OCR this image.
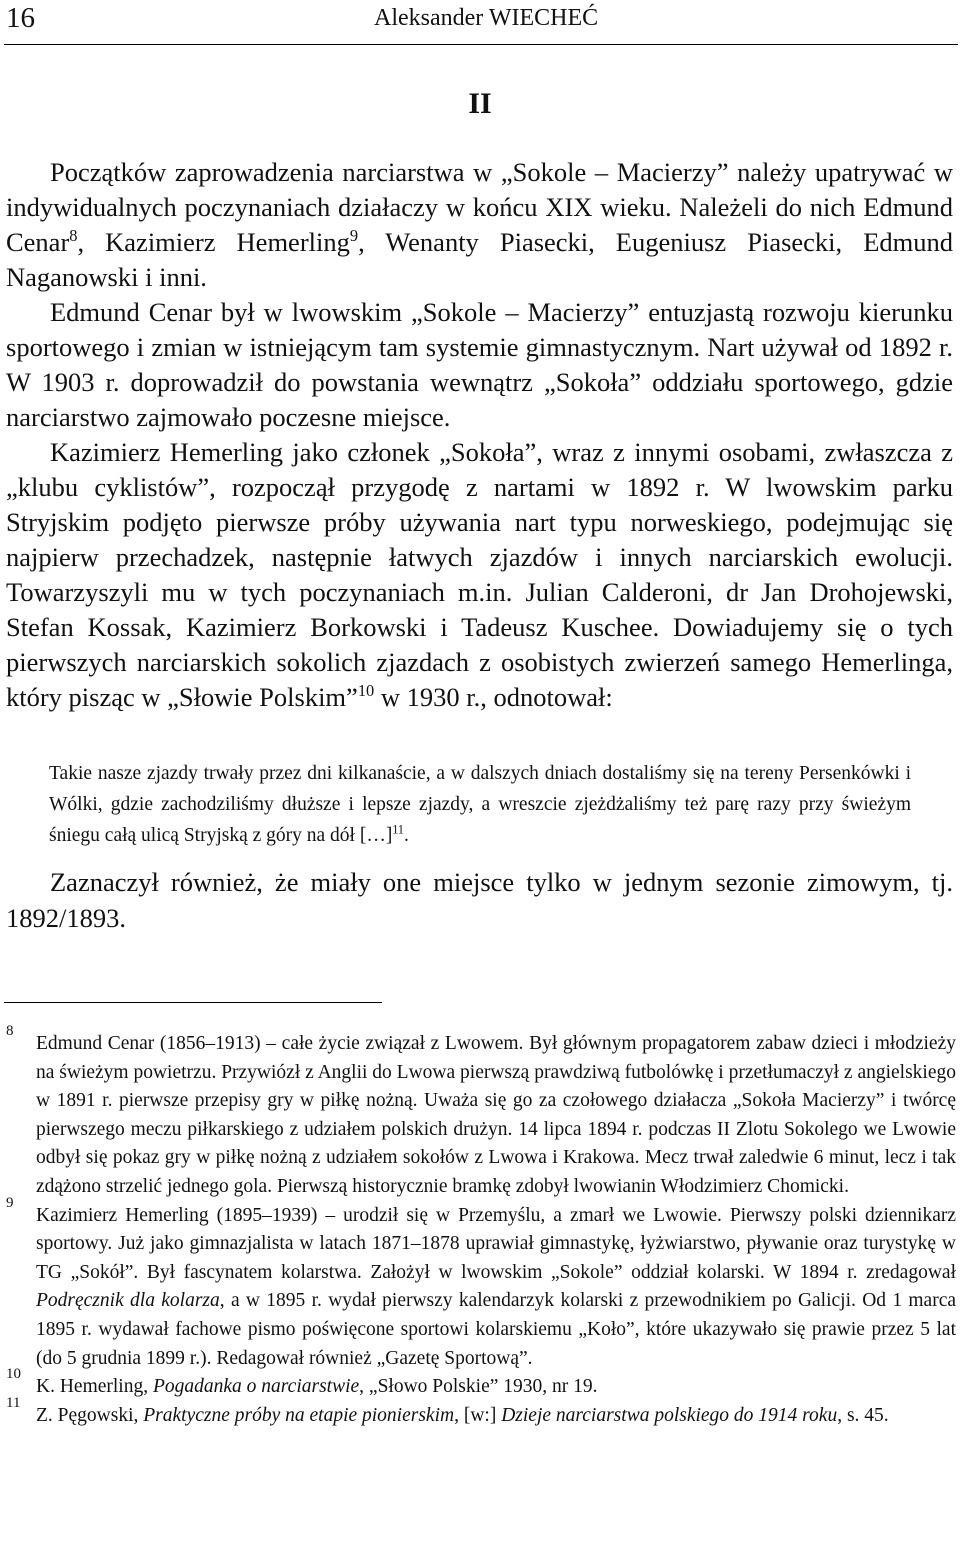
16	Aleksander WIECHEĆ
II

Początków zaprowadzenia narciarstwa w „Sokole – Macierzy” należy upatrywać w indywidualnych poczynaniach działaczy w końcu XIX wieku. Należeli do nich Edmund Cenar$^8$, Kazimierz Hemerling$^9$, Wenanty Piasecki, Eugeniusz Piasecki, Edmund Naganowski i inni.

Edmund Cenar był w lwowskim „Sokole – Macierzy” entuzjastą rozwoju kierunku sportowego i zmian w istniejącym tam systemie gimnastycznym. Nart używał od 1892 r. W 1903 r. doprowadził do powstania wewnątrz „Sokoła” oddziału sportowego, gdzie narciarstwo zajmowało poczesne miejsce.

Kazimierz Hemerling jako członek „Sokoła”, wraz z innymi osobami, zwłaszcza z „klubu cyklistów”, rozpoczął przygodę z nartami w 1892 r. W lwowskim parku Stryjskim podjęto pierwsze próby używania nart typu norweskiego, podejmując się najpierw przechadzek, następnie łatwych zjazdów i innych narciarskich ewolucji. Towarzyszyli mu w tych poczynaniach m.in. Julian Calderoni, dr Jan Drohojewski, Stefan Kossak, Kazimierz Borkowski i Tadeusz Kuschee. Dowiadujemy się o tych pierwszych narciarskich sokolich zjazdach z osobistych zwierzeń samego Hemerlinga, który pisząc w „Słowie Polskim”$^{10}$ w 1930 r., odnotował:

Takie nasze zjazdy trwały przez dni kilkanaście, a w dalszych dniach dostaliśmy się na tereny Persenkówki i Wólki, gdzie zachodziliśmy dłuższe i lepsze zjazdy, a wreszcie zjeżdżaliśmy też parę razy przy świeżym śniegu całą ulicą Stryjską z góry na dół […]$^{11}$.

Zaznaczył również, że miały one miejsce tylko w jednym sezonie zimowym, tj. 1892/1893.

8
Edmund Cenar (1856–1913) – całe życie związał z Lwowem. Był głównym propagatorem zabaw dzieci i młodzieży na świeżym powietrzu. Przywiózł z Anglii do Lwowa pierwszą prawdziwą futbolówkę i przetłumaczył z angielskiego w 1891 r. pierwsze przepisy gry w piłkę nożną. Uważa się go za czołowego działacza „Sokoła Macierzy” i twórcę pierwszego meczu piłkarskiego z udziałem polskich drużyn. 14 lipca 1894 r. podczas II Zlotu Sokolego we Lwowie odbył się pokaz gry w piłkę nożną z udziałem sokołów z Lwowa i Krakowa. Mecz trwał zaledwie 6 minut, lecz i tak zdążono strzelić jednego gola. Pierwszą historycznie bramkę zdobył lwowianin Włodzimierz Chomicki.

9
Kazimierz Hemerling (1895–1939) – urodził się w Przemyślu, a zmarł we Lwowie. Pierwszy polski dziennikarz sportowy. Już jako gimnazjalista w latach 1871–1878 uprawiał gimnastykę, łyżwiarstwo, pływanie oraz turystykę w TG „Sokół”. Był fascynatem kolarstwa. Założył w lwowskim „Sokole” oddział kolarski. W 1894 r. zredagował Podręcznik dla kolarza, a w 1895 r. wydał pierwszy kalendarzyk kolarski z przewodnikiem po Galicji. Od 1 marca 1895 r. wydawał fachowe pismo poświęcone sportowi kolarskiemu „Koło”, które ukazywało się prawie przez 5 lat (do 5 grudnia 1899 r.). Redagował również „Gazetę Sportową”.

10
K. Hemerling, Pogadanka o narciarstwie, „Słowo Polskie” 1930, nr 19.

11
Z. Pęgowski, Praktyczne próby na etapie pionierskim, [w:] Dzieje narciarstwa polskiego do 1914 roku, s. 45.
